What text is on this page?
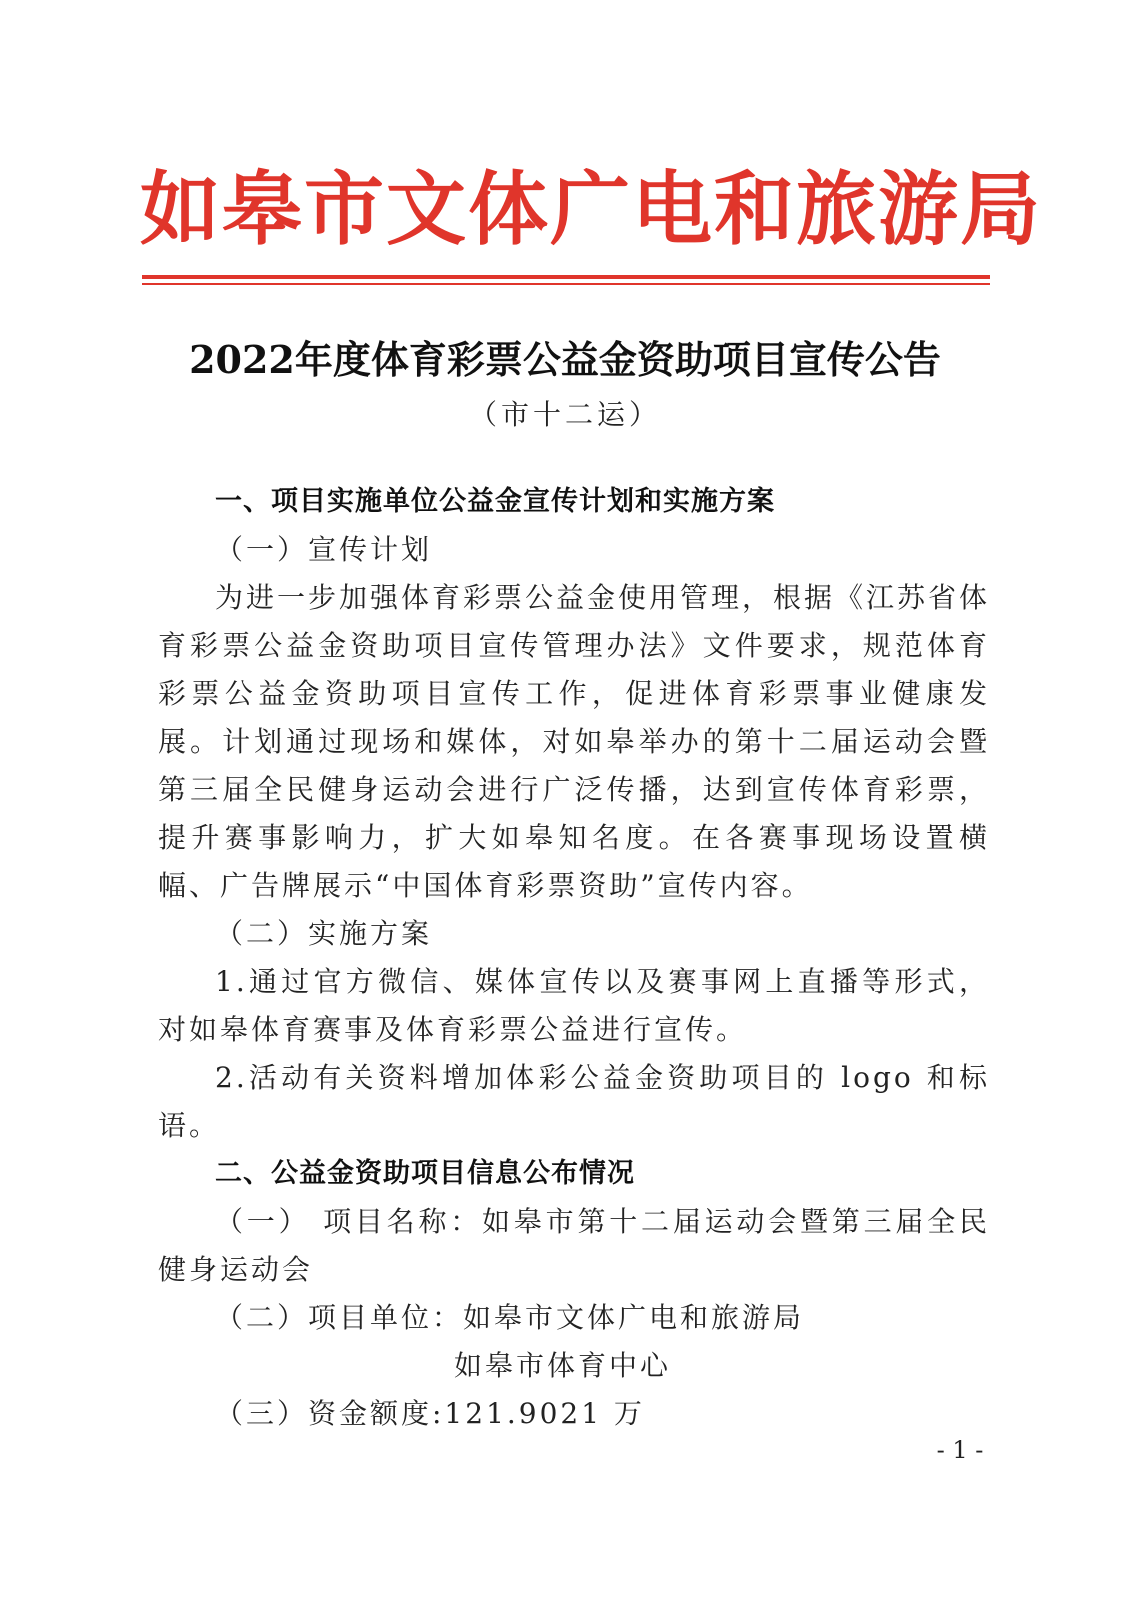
如皋市文体广电和旅游局
2022年度体育彩票公益金资助项目宣传公告
（市十二运）
一、项目实施单位公益金宣传计划和实施方案
（一）宣传计划

为进一步加强体育彩票公益金使用管理，根据《江苏省体育彩票公益金资助项目宣传管理办法》文件要求，规范体育彩票公益金资助项目宣传工作，促进体育彩票事业健康发展。计划通过现场和媒体，对如皋举办的第十二届运动会暨第三届全民健身运动会进行广泛传播，达到宣传体育彩票，提升赛事影响力，扩大如皋知名度。在各赛事现场设置横幅、广告牌展示“中国体育彩票资助”宣传内容。

（二）实施方案

1.通过官方微信、媒体宣传以及赛事网上直播等形式，对如皋体育赛事及体育彩票公益进行宣传。

2.活动有关资料增加体彩公益金资助项目的 logo 和标语。

二、公益金资助项目信息公布情况

（一） 项目名称：如皋市第十二届运动会暨第三届全民健身运动会

（二）项目单位：如皋市文体广电和旅游局
如皋市体育中心
（三）资金额度:121.9021 万
- 1 -
